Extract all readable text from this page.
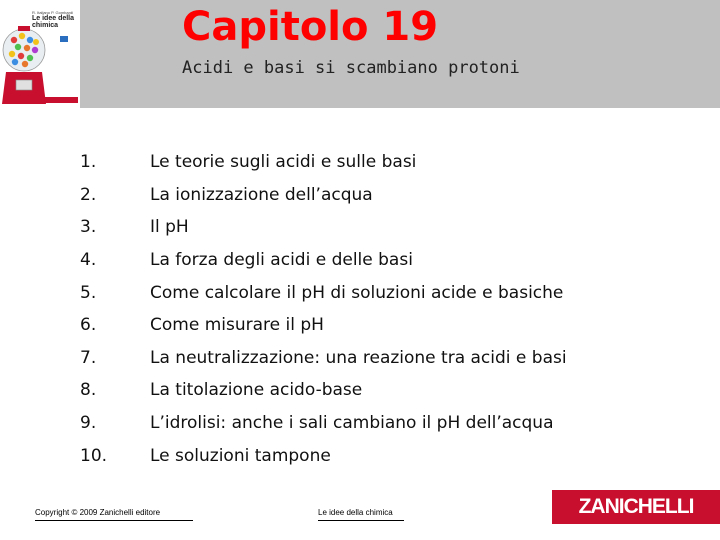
R. Italiano P. Gombardi
Le idee della chimica	Capitolo 19
Acidi e basi si scambiano protoni
1.	Le teorie sugli acidi e sulle basi
2.	La ionizzazione dell’acqua
3.	Il pH
4.	La forza degli acidi e delle basi
5.	Come calcolare il pH di soluzioni acide e basiche
6.	Come misurare il pH
7.	La neutralizzazione: una reazione tra acidi e basi
8.	La titolazione acido-base
9.	L’idrolisi: anche i sali cambiano il pH dell’acqua
10.	Le soluzioni tampone
Copyright © 2009 Zanichelli editore	Le idee della chimica	ZANICHELLI
